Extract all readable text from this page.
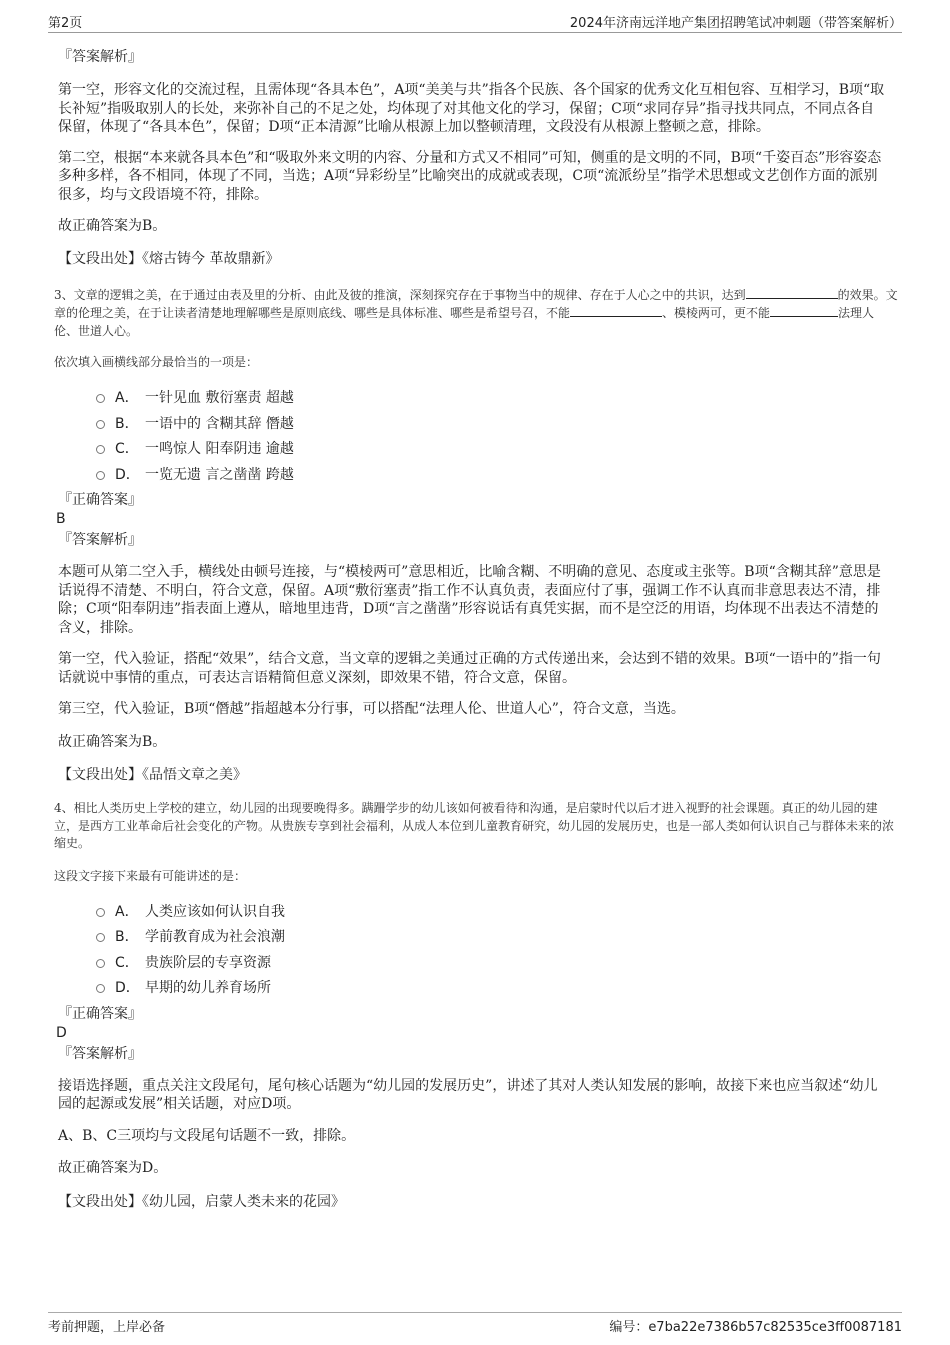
第2页	2024年济南远洋地产集团招聘笔试冲刺题（带答案解析）
『答案解析』

第一空，形容文化的交流过程，且需体现“各具本色”，A项“美美与共”指各个民族、各个国家的优秀文化互相包容、互相学习，B项“取长补短”指吸取别人的长处，来弥补自己的不足之处，均体现了对其他文化的学习，保留；C项“求同存异”指寻找共同点，不同点各自保留，体现了“各具本色”，保留；D项“正本清源”比喻从根源上加以整顿清理，文段没有从根源上整顿之意，排除。

第二空，根据“本来就各具本色”和“吸取外来文明的内容、分量和方式又不相同”可知，侧重的是文明的不同，B项“千姿百态”形容姿态多种多样，各不相同，体现了不同，当选；A项“异彩纷呈”比喻突出的成就或表现，C项“流派纷呈”指学术思想或文艺创作方面的派别很多，均与文段语境不符，排除。

故正确答案为B。

【文段出处】《熔古铸今 革故鼎新》

3、文章的逻辑之美，在于通过由表及里的分析、由此及彼的推演，深刻探究存在于事物当中的规律、存在于人心之中的共识，达到	的效果。文章的伦理之美，在于让读者清楚地理解哪些是原则底线、哪些是具体标准、哪些是希望号召，不能	、模棱两可，更不能	法理人伦、世道人心。

依次填入画横线部分最恰当的一项是：

A． 一针见血 敷衍塞责 超越
B． 一语中的 含糊其辞 僭越
C． 一鸣惊人 阳奉阴违 逾越
D． 一览无遗 言之凿凿 跨越
『正确答案』
B
『答案解析』

本题可从第二空入手，横线处由顿号连接，与“模棱两可”意思相近，比喻含糊、不明确的意见、态度或主张等。B项“含糊其辞”意思是话说得不清楚、不明白，符合文意，保留。A项“敷衍塞责”指工作不认真负责，表面应付了事，强调工作不认真而非意思表达不清，排除；C项“阳奉阴违”指表面上遵从，暗地里违背，D项“言之凿凿”形容说话有真凭实据，而不是空泛的用语，均体现不出表达不清楚的含义，排除。

第一空，代入验证，搭配“效果”，结合文意，当文章的逻辑之美通过正确的方式传递出来，会达到不错的效果。B项“一语中的”指一句话就说中事情的重点，可表达言语精简但意义深刻，即效果不错，符合文意，保留。

第三空，代入验证，B项“僭越”指超越本分行事，可以搭配“法理人伦、世道人心”，符合文意，当选。

故正确答案为B。

【文段出处】《品悟文章之美》

4、相比人类历史上学校的建立，幼儿园的出现要晚得多。蹒跚学步的幼儿该如何被看待和沟通，是启蒙时代以后才进入视野的社会课题。真正的幼儿园的建立，是西方工业革命后社会变化的产物。从贵族专享到社会福利，从成人本位到儿童教育研究，幼儿园的发展历史，也是一部人类如何认识自己与群体未来的浓缩史。

这段文字接下来最有可能讲述的是：

A． 人类应该如何认识自我
B． 学前教育成为社会浪潮
C． 贵族阶层的专享资源
D． 早期的幼儿养育场所
『正确答案』
D
『答案解析』

接语选择题，重点关注文段尾句，尾句核心话题为“幼儿园的发展历史”，讲述了其对人类认知发展的影响，故接下来也应当叙述“幼儿园的起源或发展”相关话题，对应D项。

A、B、C三项均与文段尾句话题不一致，排除。

故正确答案为D。

【文段出处】《幼儿园，启蒙人类未来的花园》

考前押题，上岸必备	编号：e7ba22e7386b57c82535ce3ff0087181
